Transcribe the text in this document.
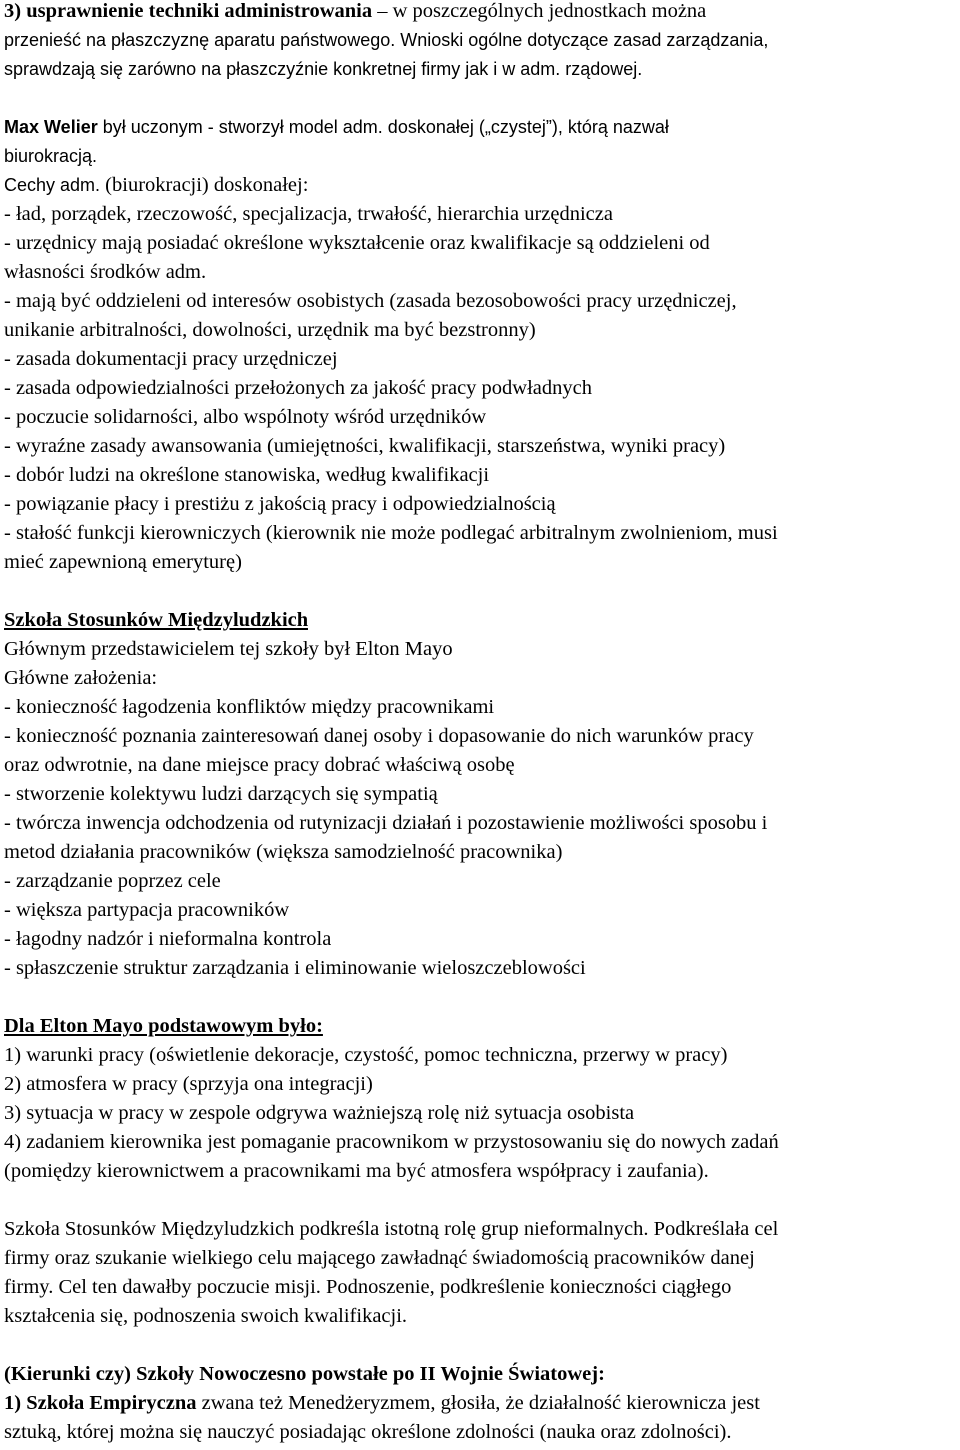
3) usprawnienie techniki administrowania – w poszczególnych jednostkach można
przenieść na płaszczyznę aparatu państwowego. Wnioski ogólne dotyczące zasad zarządzania,
sprawdzają się zarówno na płaszczyźnie konkretnej firmy jak i w adm. rządowej.
Max Welier był uczonym - stworzył model adm. doskonałej („czystej”), którą nazwał
biurokracją.
Cechy adm. (biurokracji) doskonałej:
- ład, porządek, rzeczowość, specjalizacja, trwałość, hierarchia urzędnicza
- urzędnicy mają posiadać określone wykształcenie oraz kwalifikacje są oddzieleni od
własności środków adm.
- mają być oddzieleni od interesów osobistych (zasada bezosobowości pracy urzędniczej,
unikanie arbitralności, dowolności, urzędnik ma być bezstronny)
- zasada dokumentacji pracy urzędniczej
- zasada odpowiedzialności przełożonych za jakość pracy podwładnych
- poczucie solidarności, albo wspólnoty wśród urzędników
- wyraźne zasady awansowania (umiejętności, kwalifikacji, starszeństwa, wyniki pracy)
- dobór ludzi na określone stanowiska, według kwalifikacji
- powiązanie płacy i prestiżu z jakością pracy i odpowiedzialnością
- stałość funkcji kierowniczych (kierownik nie może podlegać arbitralnym zwolnieniom, musi
mieć zapewnioną emeryturę)
Szkoła Stosunków Międzyludzkich
Głównym przedstawicielem tej szkoły był Elton Mayo
Główne założenia:
- konieczność łagodzenia konfliktów między pracownikami
- konieczność poznania zainteresowań danej osoby i dopasowanie do nich warunków pracy
oraz odwrotnie, na dane miejsce pracy dobrać właściwą osobę
- stworzenie kolektywu ludzi darzących się sympatią
- twórcza inwencja odchodzenia od rutynizacji działań i pozostawienie możliwości sposobu i
metod działania pracowników (większa samodzielność pracownika)
- zarządzanie poprzez cele
- większa partypacja pracowników
- łagodny nadzór i nieformalna kontrola
- spłaszczenie struktur zarządzania i eliminowanie wieloszczeblowości
Dla Elton Mayo podstawowym było:
1) warunki pracy (oświetlenie dekoracje, czystość, pomoc techniczna, przerwy w pracy)
2) atmosfera w pracy (sprzyja ona integracji)
3) sytuacja w pracy w zespole odgrywa ważniejszą rolę niż sytuacja osobista
4) zadaniem kierownika jest pomaganie pracownikom w przystosowaniu się do nowych zadań
(pomiędzy kierownictwem a pracownikami ma być atmosfera współpracy i zaufania).
Szkoła Stosunków Międzyludzkich podkreśla istotną rolę grup nieformalnych. Podkreślała cel
firmy oraz szukanie wielkiego celu mającego zawładnąć świadomością pracowników danej
firmy. Cel ten dawałby poczucie misji. Podnoszenie, podkreślenie konieczności ciągłego
kształcenia się, podnoszenia swoich kwalifikacji.
(Kierunki czy) Szkoły Nowoczesno powstałe po II Wojnie Światowej:
1) Szkoła Empiryczna zwana też Menedżeryzmem, głosiła, że działalność kierownicza jest
sztuką, której można się nauczyć posiadając określone zdolności (nauka oraz zdolności).
